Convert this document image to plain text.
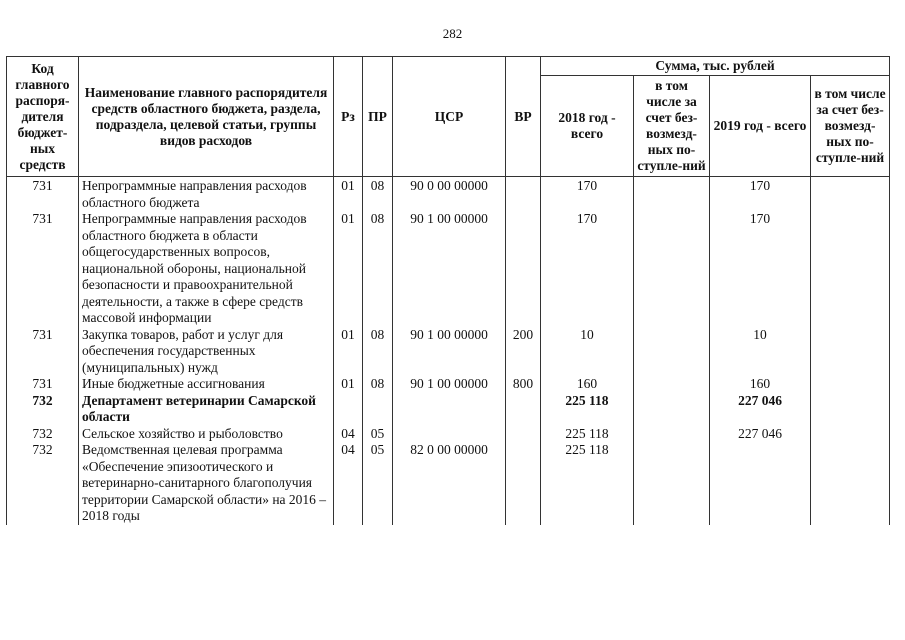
282
Код главного распоря-дителя бюджет-ных средств	Наименование главного распорядителя средств областного бюджета, раздела, подраздела, целевой статьи, группы видов расходов	Рз	ПР	ЦСР	ВР	Сумма, тыс. рублей			
						2018 год - всего	в том числе за счет без-возмезд-ных по-ступле-ний	2019 год - всего	в том числе за счет без-возмезд-ных по-ступле-ний
731	Непрограммные направления расходов областного бюджета	01	08	90 0 00 00000		170		170	
731	Непрограммные направления расходов областного бюджета в области общегосударственных вопросов, национальной обороны, национальной безопасности и правоохранительной деятельности, а также в сфере средств массовой информации	01	08	90 1 00 00000		170		170	
731	Закупка товаров, работ и услуг для обеспечения государственных (муниципальных) нужд	01	08	90 1 00 00000	200	10		10	
731	Иные бюджетные ассигнования	01	08	90 1 00 00000	800	160		160	
732	Департамент ветеринарии Самарской области					225 118		227 046	
732	Сельское хозяйство и рыболовство	04	05			225 118		227 046	
732	Ведомственная целевая программа «Обеспечение эпизоотического и ветеринарно-санитарного благополучия территории Самарской области» на 2016 –2018 годы	04	05	82 0 00 00000		225 118			
